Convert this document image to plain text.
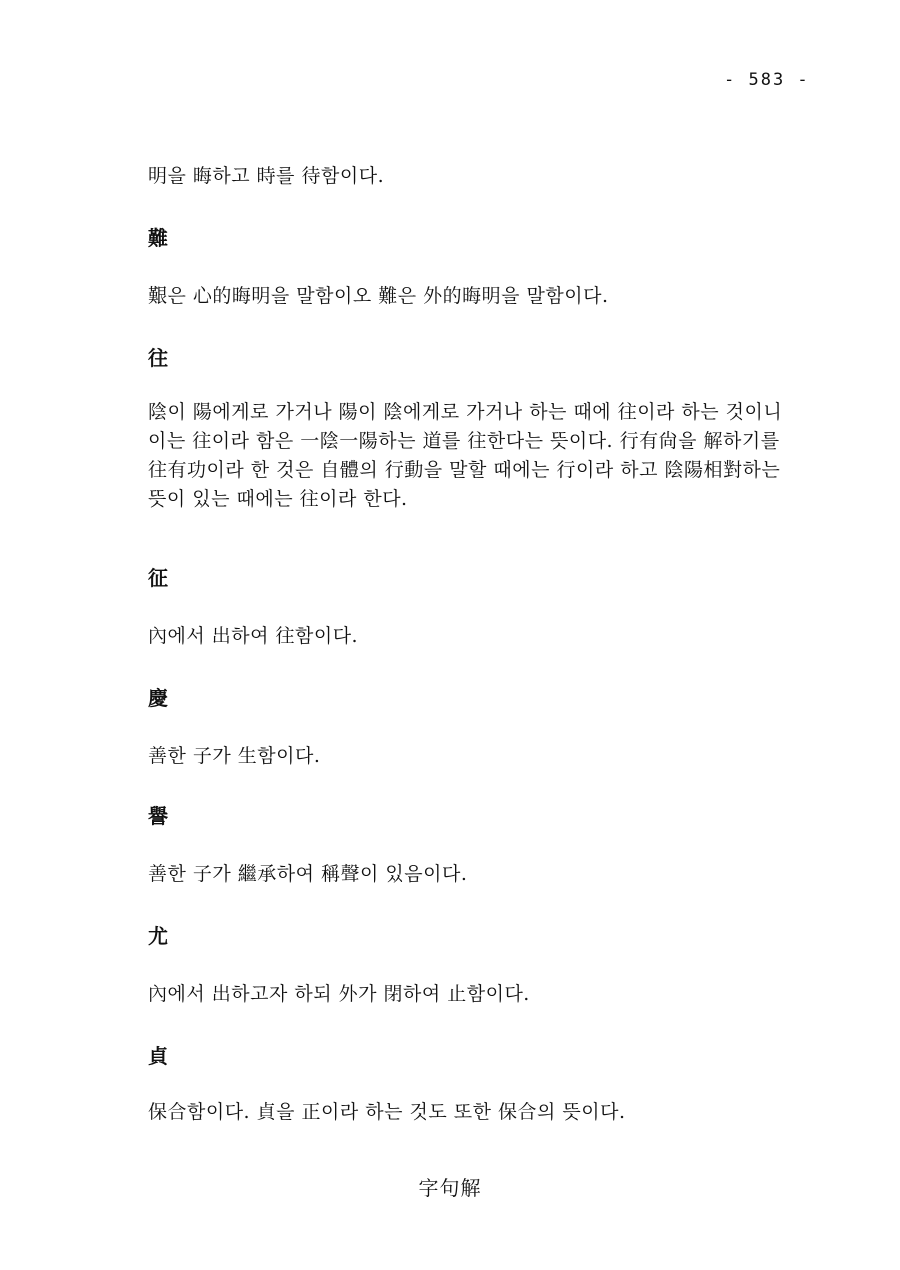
- 583 -

明을 晦하고 時를 待함이다.

難

艱은 心的晦明을 말함이오 難은 外的晦明을 말함이다.

往

陰이 陽에게로 가거나 陽이 陰에게로 가거나 하는 때에 往이라 하는 것이니 이는 往이라 함은 一陰一陽하는 道를 往한다는 뜻이다. 行有尙을 解하기를 往有功이라 한 것은 自體의 行動을 말할 때에는 行이라 하고 陰陽相對하는 뜻이 있는 때에는 往이라 한다.

征

內에서 出하여 往함이다.

慶

善한 子가 生함이다.

譽

善한 子가 繼承하여 稱聲이 있음이다.

尤

內에서 出하고자 하되 外가 閉하여 止함이다.

貞

保合함이다. 貞을 正이라 하는 것도 또한 保合의 뜻이다.

字句解
